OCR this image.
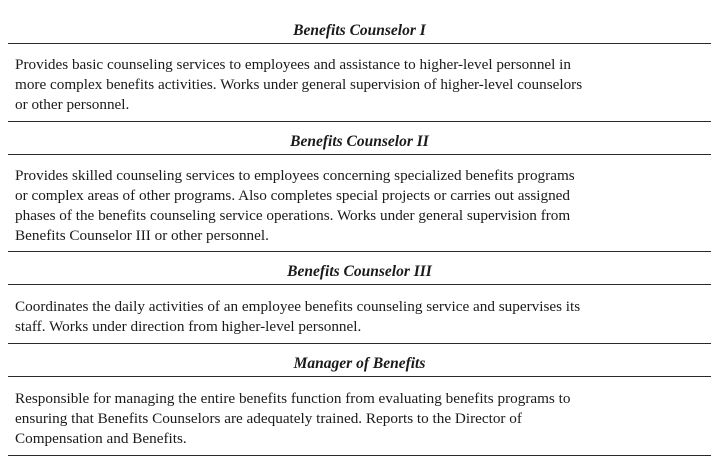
Benefits Counselor I
Provides basic counseling services to employees and assistance to higher-level personnel in
more complex benefits activities. Works under general supervision of higher-level counselors
or other personnel.
Benefits Counselor II
Provides skilled counseling services to employees concerning specialized benefits programs
or complex areas of other programs. Also completes special projects or carries out assigned
phases of the benefits counseling service operations. Works under general supervision from
Benefits Counselor III or other personnel.
Benefits Counselor III
Coordinates the daily activities of an employee benefits counseling service and supervises its
staff. Works under direction from higher-level personnel.
Manager of Benefits
Responsible for managing the entire benefits function from evaluating benefits programs to
ensuring that Benefits Counselors are adequately trained. Reports to the Director of
Compensation and Benefits.
